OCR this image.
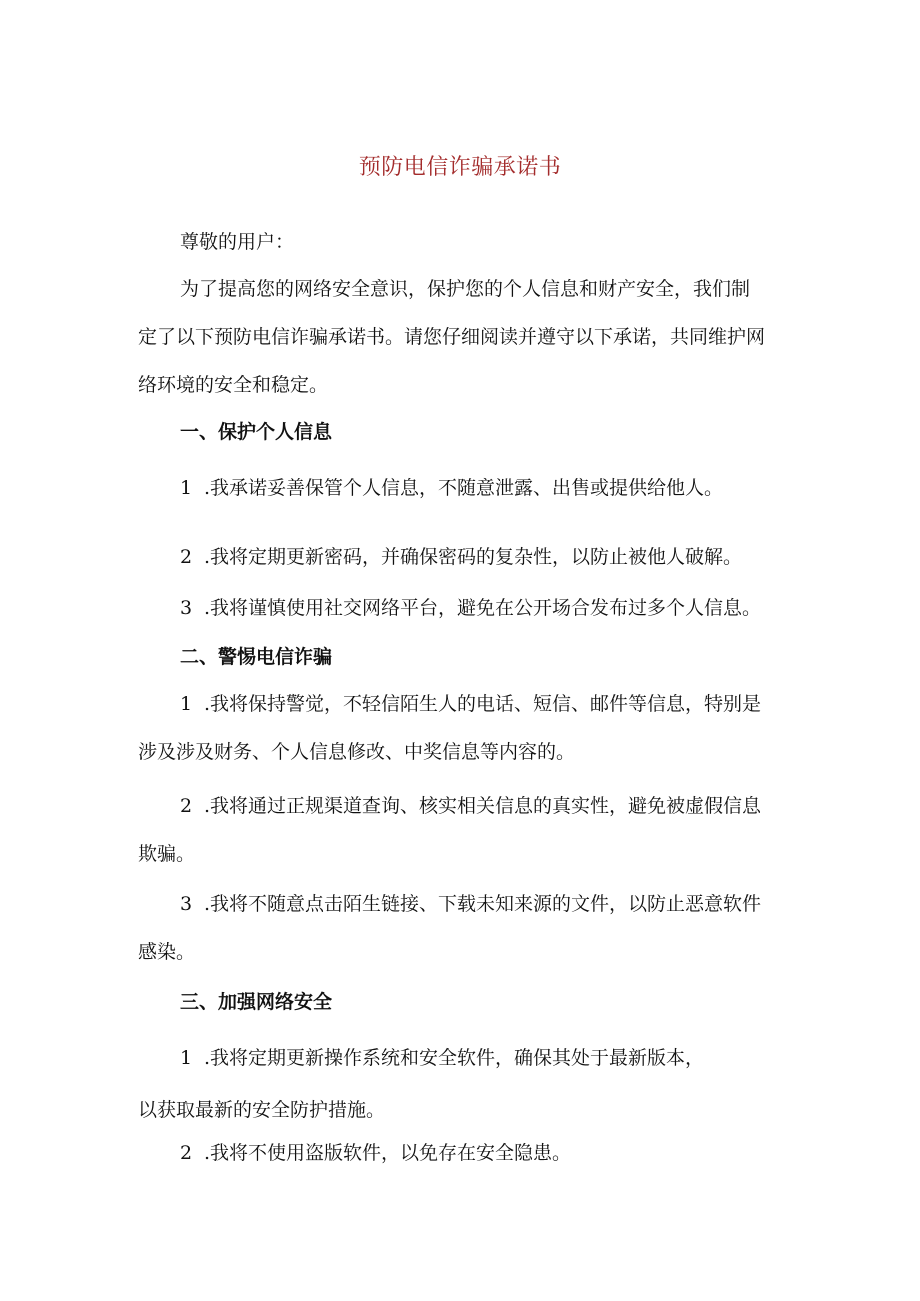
预防电信诈骗承诺书
尊敬的用户：
为了提高您的网络安全意识，保护您的个人信息和财产安全，我们制
定了以下预防电信诈骗承诺书。请您仔细阅读并遵守以下承诺，共同维护网
络环境的安全和稳定。
一、保护个人信息
1 .我承诺妥善保管个人信息，不随意泄露、出售或提供给他人。
2 .我将定期更新密码，并确保密码的复杂性，以防止被他人破解。
3 .我将谨慎使用社交网络平台，避免在公开场合发布过多个人信息。
二、警惕电信诈骗
1 .我将保持警觉，不轻信陌生人的电话、短信、邮件等信息，特别是
涉及涉及财务、个人信息修改、中奖信息等内容的。
2 .我将通过正规渠道查询、核实相关信息的真实性，避免被虚假信息
欺骗。
3 .我将不随意点击陌生链接、下载未知来源的文件，以防止恶意软件
感染。
三、加强网络安全
1 .我将定期更新操作系统和安全软件，确保其处于最新版本，
以获取最新的安全防护措施。
2 .我将不使用盗版软件，以免存在安全隐患。
